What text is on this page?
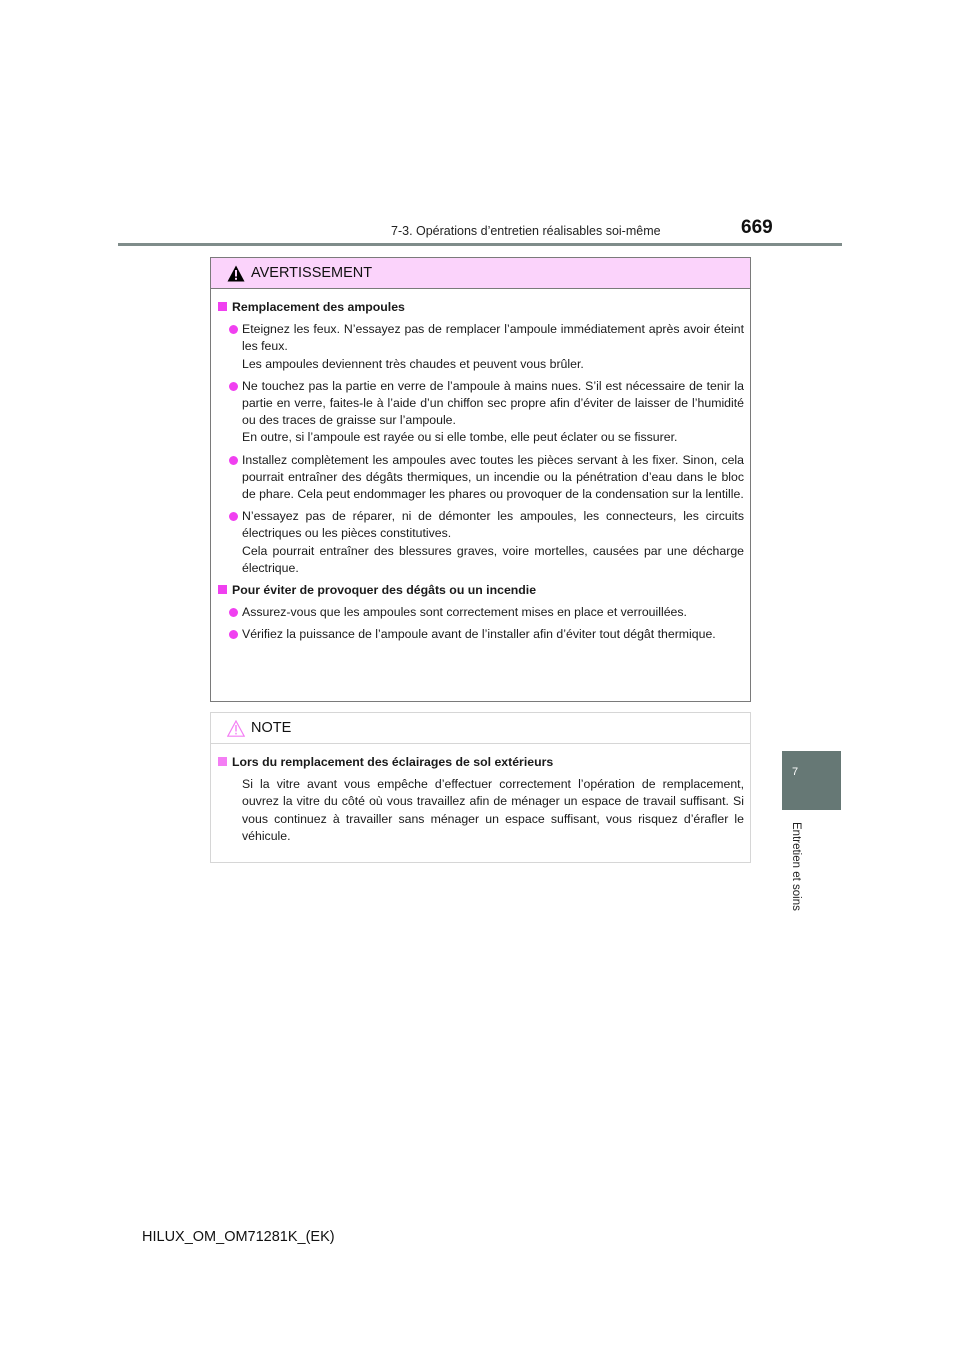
7-3. Opérations d’entretien réalisables soi-même	669
AVERTISSEMENT
Remplacement des ampoules
Eteignez les feux. N’essayez pas de remplacer l’ampoule immédiatement après avoir éteint les feux.
Les ampoules deviennent très chaudes et peuvent vous brûler.
Ne touchez pas la partie en verre de l’ampoule à mains nues. S’il est nécessaire de tenir la partie en verre, faites-le à l’aide d’un chiffon sec propre afin d’éviter de laisser de l’humidité ou des traces de graisse sur l’ampoule.
En outre, si l’ampoule est rayée ou si elle tombe, elle peut éclater ou se fissurer.
Installez complètement les ampoules avec toutes les pièces servant à les fixer. Sinon, cela pourrait entraîner des dégâts thermiques, un incendie ou la pénétration d’eau dans le bloc de phare. Cela peut endommager les phares ou provoquer de la condensation sur la lentille.
N’essayez pas de réparer, ni de démonter les ampoules, les connecteurs, les circuits électriques ou les pièces constitutives.
Cela pourrait entraîner des blessures graves, voire mortelles, causées par une décharge électrique.
Pour éviter de provoquer des dégâts ou un incendie
Assurez-vous que les ampoules sont correctement mises en place et verrouillées.
Vérifiez la puissance de l’ampoule avant de l’installer afin d’éviter tout dégât thermique.
NOTE
Lors du remplacement des éclairages de sol extérieurs
Si la vitre avant vous empêche d’effectuer correctement l’opération de remplacement, ouvrez la vitre du côté où vous travaillez afin de ménager un espace de travail suffisant. Si vous continuez à travailler sans ménager un espace suffisant, vous risquez d’érafler le véhicule.
7
Entretien et soins
HILUX_OM_OM71281K_(EK)
